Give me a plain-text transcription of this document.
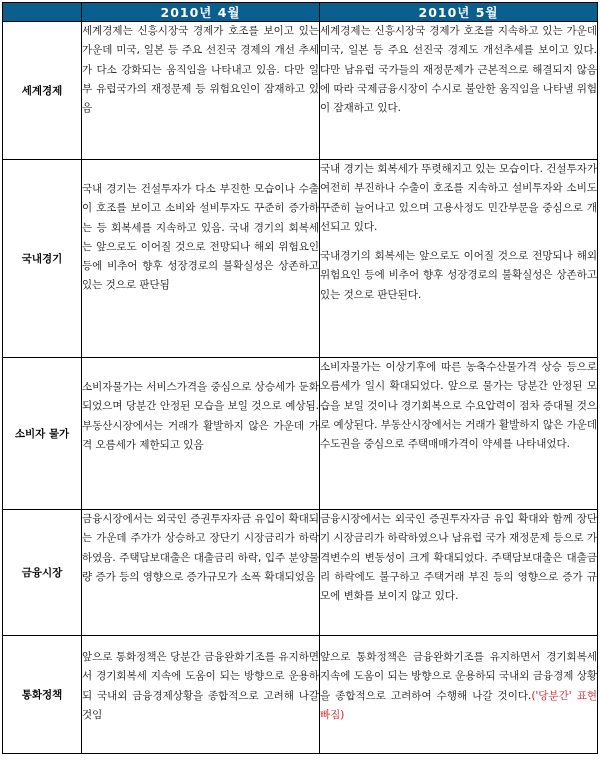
	2010년 4월	2010년 5월
세계경제	세계경제는 신흥시장국 경제가 호조를 보이고 있는 가운데 미국, 일본 등 주요 선진국 경제의 개선 추세가 다소 강화되는 움직임을 나타내고 있음. 다만 일부 유럽국가의 재정문제 등 위험요인이 잠재하고 있음	세계경제는 신흥시장국 경제가 호조를 지속하고 있는 가운데 미국, 일본 등 주요 선진국 경제도 개선추세를 보이고 있다. 다만 남유럽 국가들의 재정문제가 근본적으로 해결되지 않음에 따라 국제금융시장이 수시로 불안한 움직임을 나타낼 위험이 잠재하고 있다.
국내경기	국내 경기는 건설투자가 다소 부진한 모습이나 수출이 호조를 보이고 소비와 설비투자도 꾸준히 증가하는 등 회복세를 지속하고 있음. 국내 경기의 회복세는 앞으로도 이어질 것으로 전망되나 해외 위험요인 등에 비추어 향후 성장경로의 불확실성은 상존하고 있는 것으로 판단됨	국내 경기는 회복세가 뚜렷해지고 있는 모습이다. 건설투자가 여전히 부진하나 수출이 호조를 지속하고 설비투자와 소비도 꾸준히 늘어나고 있으며 고용사정도 민간부문을 중심으로 개선되고 있다.
국내경기의 회복세는 앞으로도 이어질 것으로 전망되나 해외 위험요인 등에 비추어 향후 성장경로의 불확실성은 상존하고 있는 것으로 판단된다.

소비자 물가	소비자물가는 서비스가격을 중심으로 상승세가 둔화되었으며 당분간 안정된 모습을 보일 것으로 예상됨. 부동산시장에서는 거래가 활발하지 않은 가운데 가격 오름세가 제한되고 있음	소비자물가는 이상기후에 따른 농축수산물가격 상승 등으로 오름세가 일시 확대되었다. 앞으로 물가는 당분간 안정된 모습을 보일 것이나 경기회복으로 수요압력이 점차 증대될 것으로 예상된다. 부동산시장에서는 거래가 활발하지 않은 가운데 수도권을 중심으로 주택매매가격이 약세를 나타내었다.
금융시장	금융시장에서는 외국인 증권투자자금 유입이 확대되는 가운데 주가가 상승하고 장단기 시장금리가 하락하였음. 주택담보대출은 대출금리 하락, 입주 분양물량 증가 등의 영향으로 증가규모가 소폭 확대되었음	금융시장에서는 외국인 증권투자자금 유입 확대와 함께 장단기 시장금리가 하락하였으나 남유럽 국가 재정문제 등으로 가격변수의 변동성이 크게 확대되었다. 주택담보대출은 대출금리 하락에도 불구하고 주택거래 부진 등의 영향으로 증가 규모에 변화를 보이지 않고 있다.
통화정책	앞으로 통화정책은 당분간 금융완화기조를 유지하면서 경기회복세 지속에 도움이 되는 방향으로 운용하되 국내외 금융경제상황을 종합적으로 고려해 나갈 것임	앞으로 통화정책은 금융완화기조를 유지하면서 경기회복세 지속에 도움이 되는 방향으로 운용하되 국내외 금융경제 상황을 종합적으로 고려하여 수행해 나갈 것이다.('당분간' 표현 빠짐)
